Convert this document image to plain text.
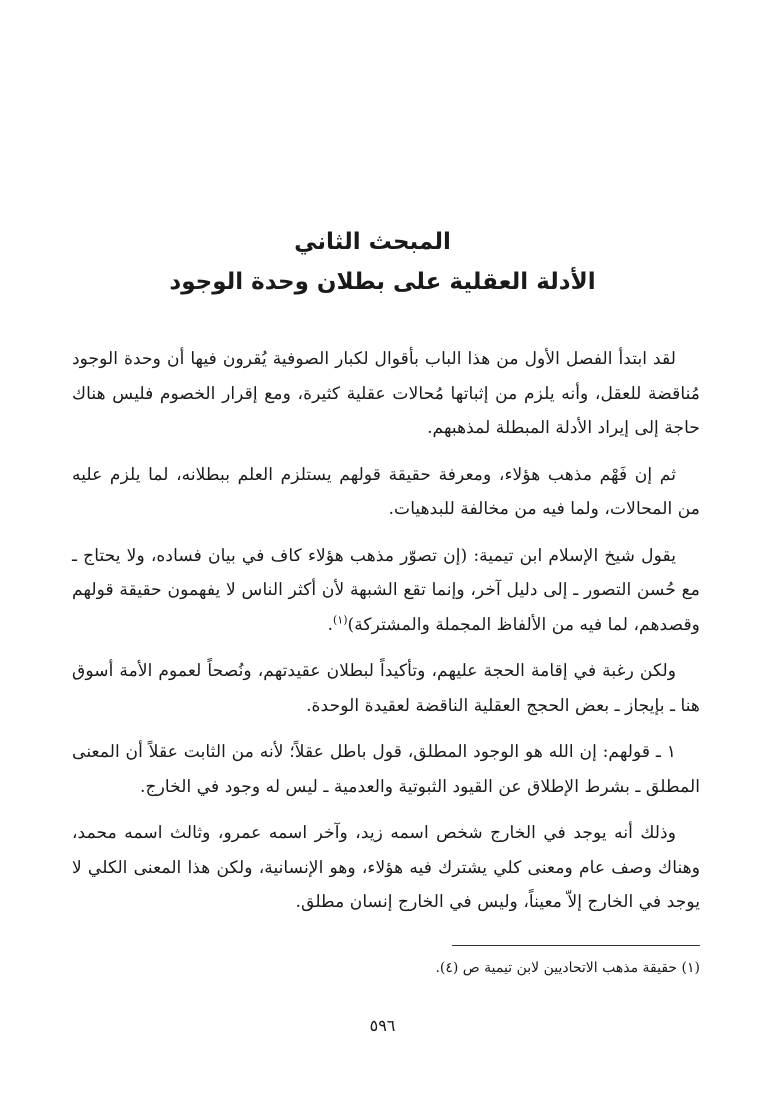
المبحث الثاني
الأدلة العقلية على بطلان وحدة الوجود

لقد ابتدأ الفصل الأول من هذا الباب بأقوال لكبار الصوفية يُقرون فيها أن وحدة الوجود مُناقضة للعقل، وأنه يلزم من إثباتها مُحالات عقلية كثيرة، ومع إقرار الخصوم فليس هناك حاجة إلى إيراد الأدلة المبطلة لمذهبهم.

ثم إن فَهْم مذهب هؤلاء، ومعرفة حقيقة قولهم يستلزم العلم ببطلانه، لما يلزم عليه من المحالات، ولما فيه من مخالفة للبدهيات.

يقول شيخ الإسلام ابن تيمية: (إن تصوّر مذهب هؤلاء كاف في بيان فساده، ولا يحتاج ـ مع حُسن التصور ـ إلى دليل آخر، وإنما تقع الشبهة لأن أكثر الناس لا يفهمون حقيقة قولهم وقصدهم، لما فيه من الألفاظ المجملة والمشتركة)$^{(١)}$.

ولكن رغبة في إقامة الحجة عليهم، وتأكيداً لبطلان عقيدتهم، ونُصحاً لعموم الأمة أسوق هنا ـ بإيجاز ـ بعض الحجج العقلية الناقضة لعقيدة الوحدة.

١ ـ قولهم: إن الله هو الوجود المطلق، قول باطل عقلاً؛ لأنه من الثابت عقلاً أن المعنى المطلق ـ بشرط الإطلاق عن القيود الثبوتية والعدمية ـ ليس له وجود في الخارج.

وذلك أنه يوجد في الخارج شخص اسمه زيد، وآخر اسمه عمرو، وثالث اسمه محمد، وهناك وصف عام ومعنى كلي يشترك فيه هؤلاء، وهو الإنسانية، ولكن هذا المعنى الكلي لا يوجد في الخارج إلاّ معيناً، وليس في الخارج إنسان مطلق.

(١) حقيقة مذهب الاتحاديين لابن تيمية ص (٤).
٥٩٦
